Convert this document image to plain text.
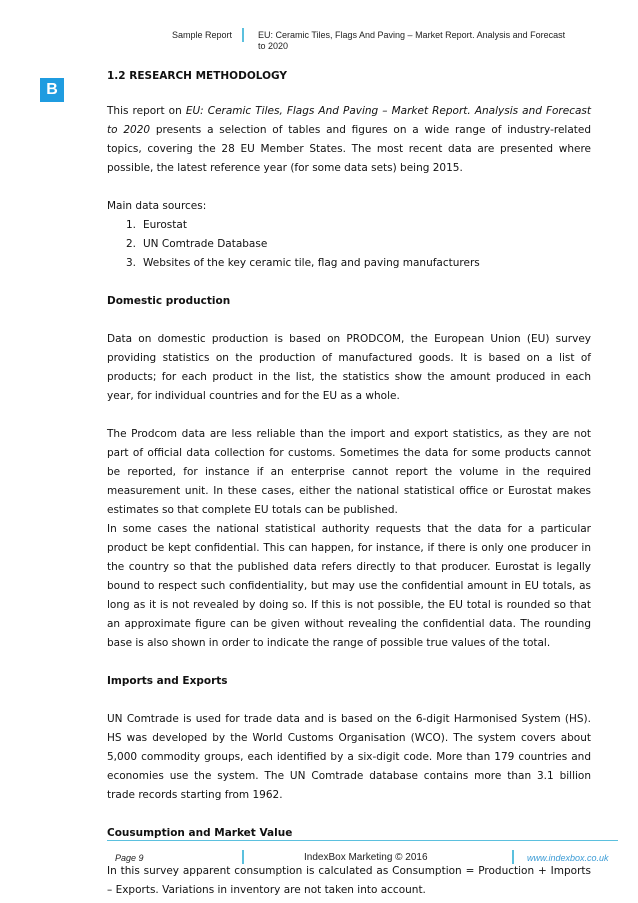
Sample Report	EU: Ceramic Tiles, Flags And Paving – Market Report. Analysis and Forecast to 2020
B

1.2 RESEARCH METHODOLOGY

This report on EU: Ceramic Tiles, Flags And Paving – Market Report. Analysis and Forecast to 2020 presents a selection of tables and figures on a wide range of industry-related topics, covering the 28 EU Member States. The most recent data are presented where possible, the latest reference year (for some data sets) being 2015.

Main data sources:

1. Eurostat
2. UN Comtrade Database
3. Websites of the key ceramic tile, flag and paving manufacturers

Domestic production

Data on domestic production is based on PRODCOM, the European Union (EU) survey providing statistics on the production of manufactured goods. It is based on a list of products; for each product in the list, the statistics show the amount produced in each year, for individual countries and for the EU as a whole.

The Prodcom data are less reliable than the import and export statistics, as they are not part of official data collection for customs. Sometimes the data for some products cannot be reported, for instance if an enterprise cannot report the volume in the required measurement unit. In these cases, either the national statistical office or Eurostat makes estimates so that complete EU totals can be published.

In some cases the national statistical authority requests that the data for a particular product be kept confidential. This can happen, for instance, if there is only one producer in the country so that the published data refers directly to that producer. Eurostat is legally bound to respect such confidentiality, but may use the confidential amount in EU totals, as long as it is not revealed by doing so. If this is not possible, the EU total is rounded so that an approximate figure can be given without revealing the confidential data. The rounding base is also shown in order to indicate the range of possible true values of the total.

Imports and Exports

UN Comtrade is used for trade data and is based on the 6-digit Harmonised System (HS). HS was developed by the World Customs Organisation (WCO). The system covers about 5,000 commodity groups, each identified by a six-digit code. More than 179 countries and economies use the system. The UN Comtrade database contains more than 3.1 billion trade records starting from 1962.

Cousumption and Market Value

In this survey apparent consumption is calculated as Consumption = Production + Imports – Exports. Variations in inventory are not taken into account.

Page 9	IndexBox Marketing © 2016	www.indexbox.co.uk
